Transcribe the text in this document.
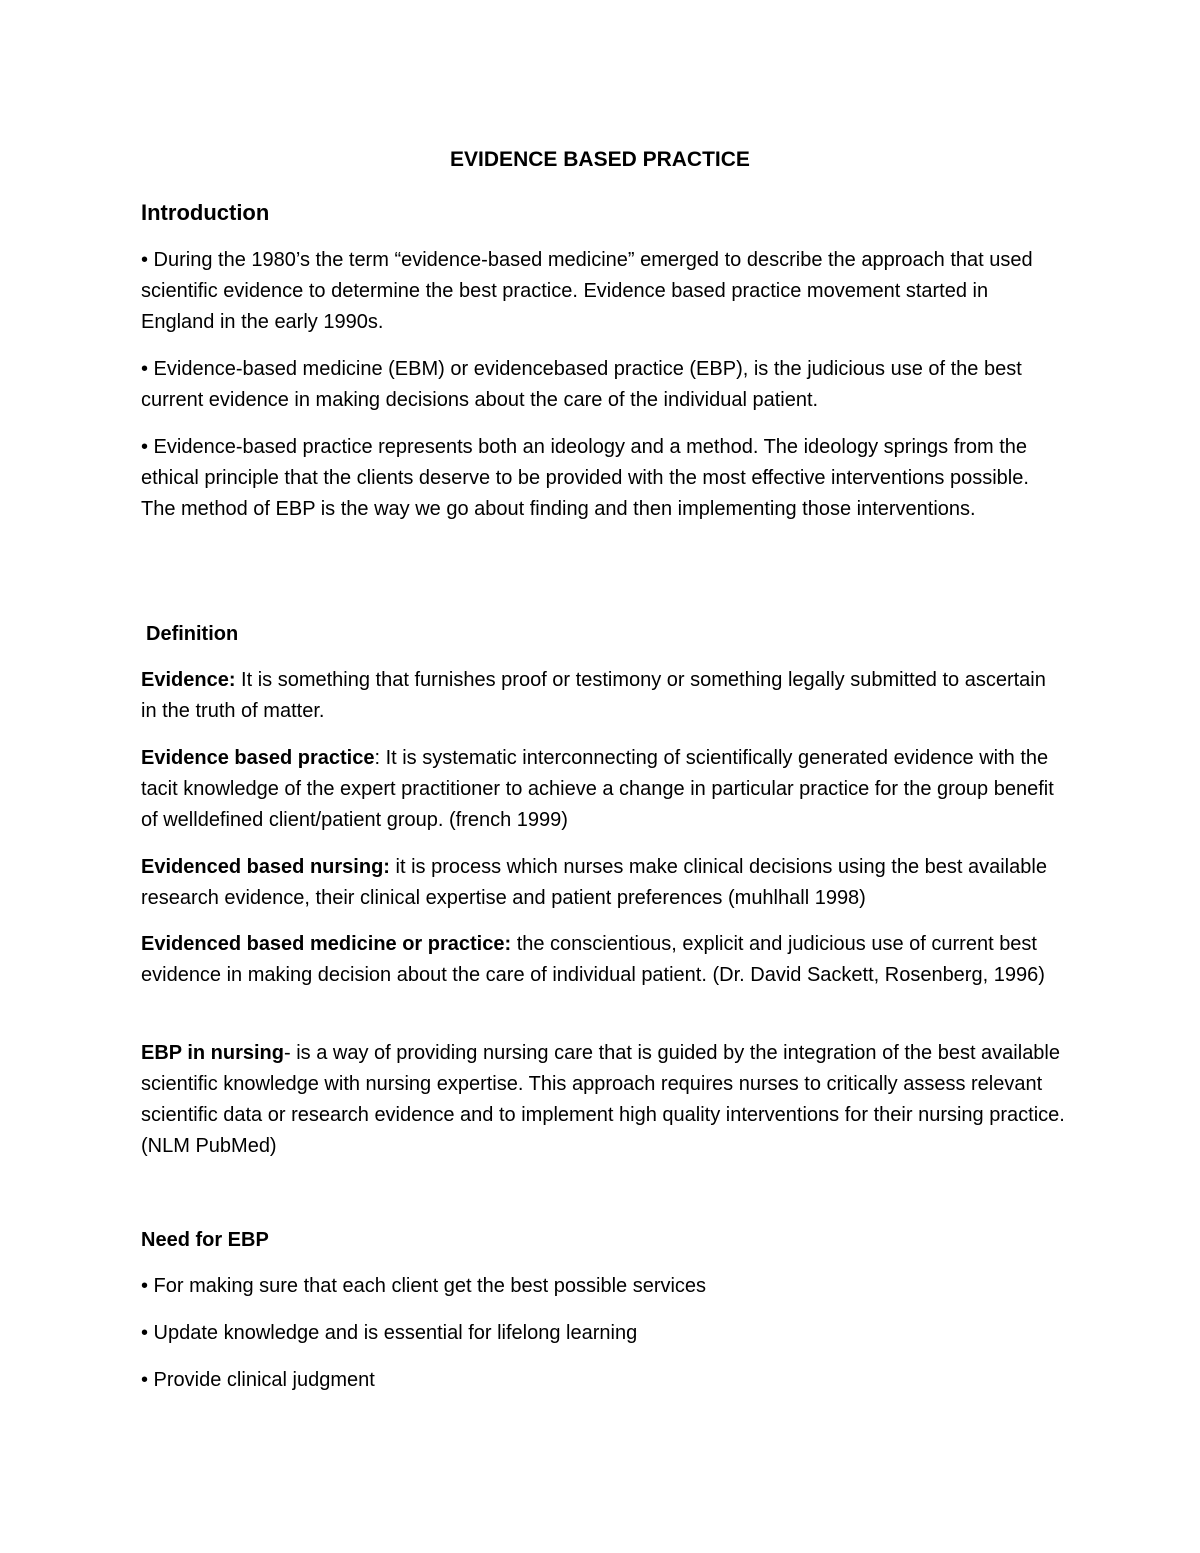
EVIDENCE BASED PRACTICE
Introduction
• During the 1980’s the term “evidence-based medicine” emerged to describe the approach that used scientific evidence to determine the best practice. Evidence based practice movement started in England in the early 1990s.
• Evidence-based medicine (EBM) or evidencebased practice (EBP), is the judicious use of the best current evidence in making decisions about the care of the individual patient.
• Evidence-based practice represents both an ideology and a method. The ideology springs from the ethical principle that the clients deserve to be provided with the most effective interventions possible. The method of EBP is the way we go about finding and then implementing those interventions.
Definition
Evidence: It is something that furnishes proof or testimony or something legally submitted to ascertain in the truth of matter.
Evidence based practice: It is systematic interconnecting of scientifically generated evidence with the tacit knowledge of the expert practitioner to achieve a change in particular practice for the group benefit of welldefined client/patient group. (french 1999)
Evidenced based nursing: it is process which nurses make clinical decisions using the best available research evidence, their clinical expertise and patient preferences (muhlhall 1998)
Evidenced based medicine or practice: the conscientious, explicit and judicious use of current best evidence in making decision about the care of individual patient. (Dr. David Sackett, Rosenberg, 1996)
EBP in nursing- is a way of providing nursing care that is guided by the integration of the best available scientific knowledge with nursing expertise. This approach requires nurses to critically assess relevant scientific data or research evidence and to implement high quality interventions for their nursing practice. (NLM PubMed)
Need for EBP
• For making sure that each client get the best possible services
• Update knowledge and is essential for lifelong learning
• Provide clinical judgment
